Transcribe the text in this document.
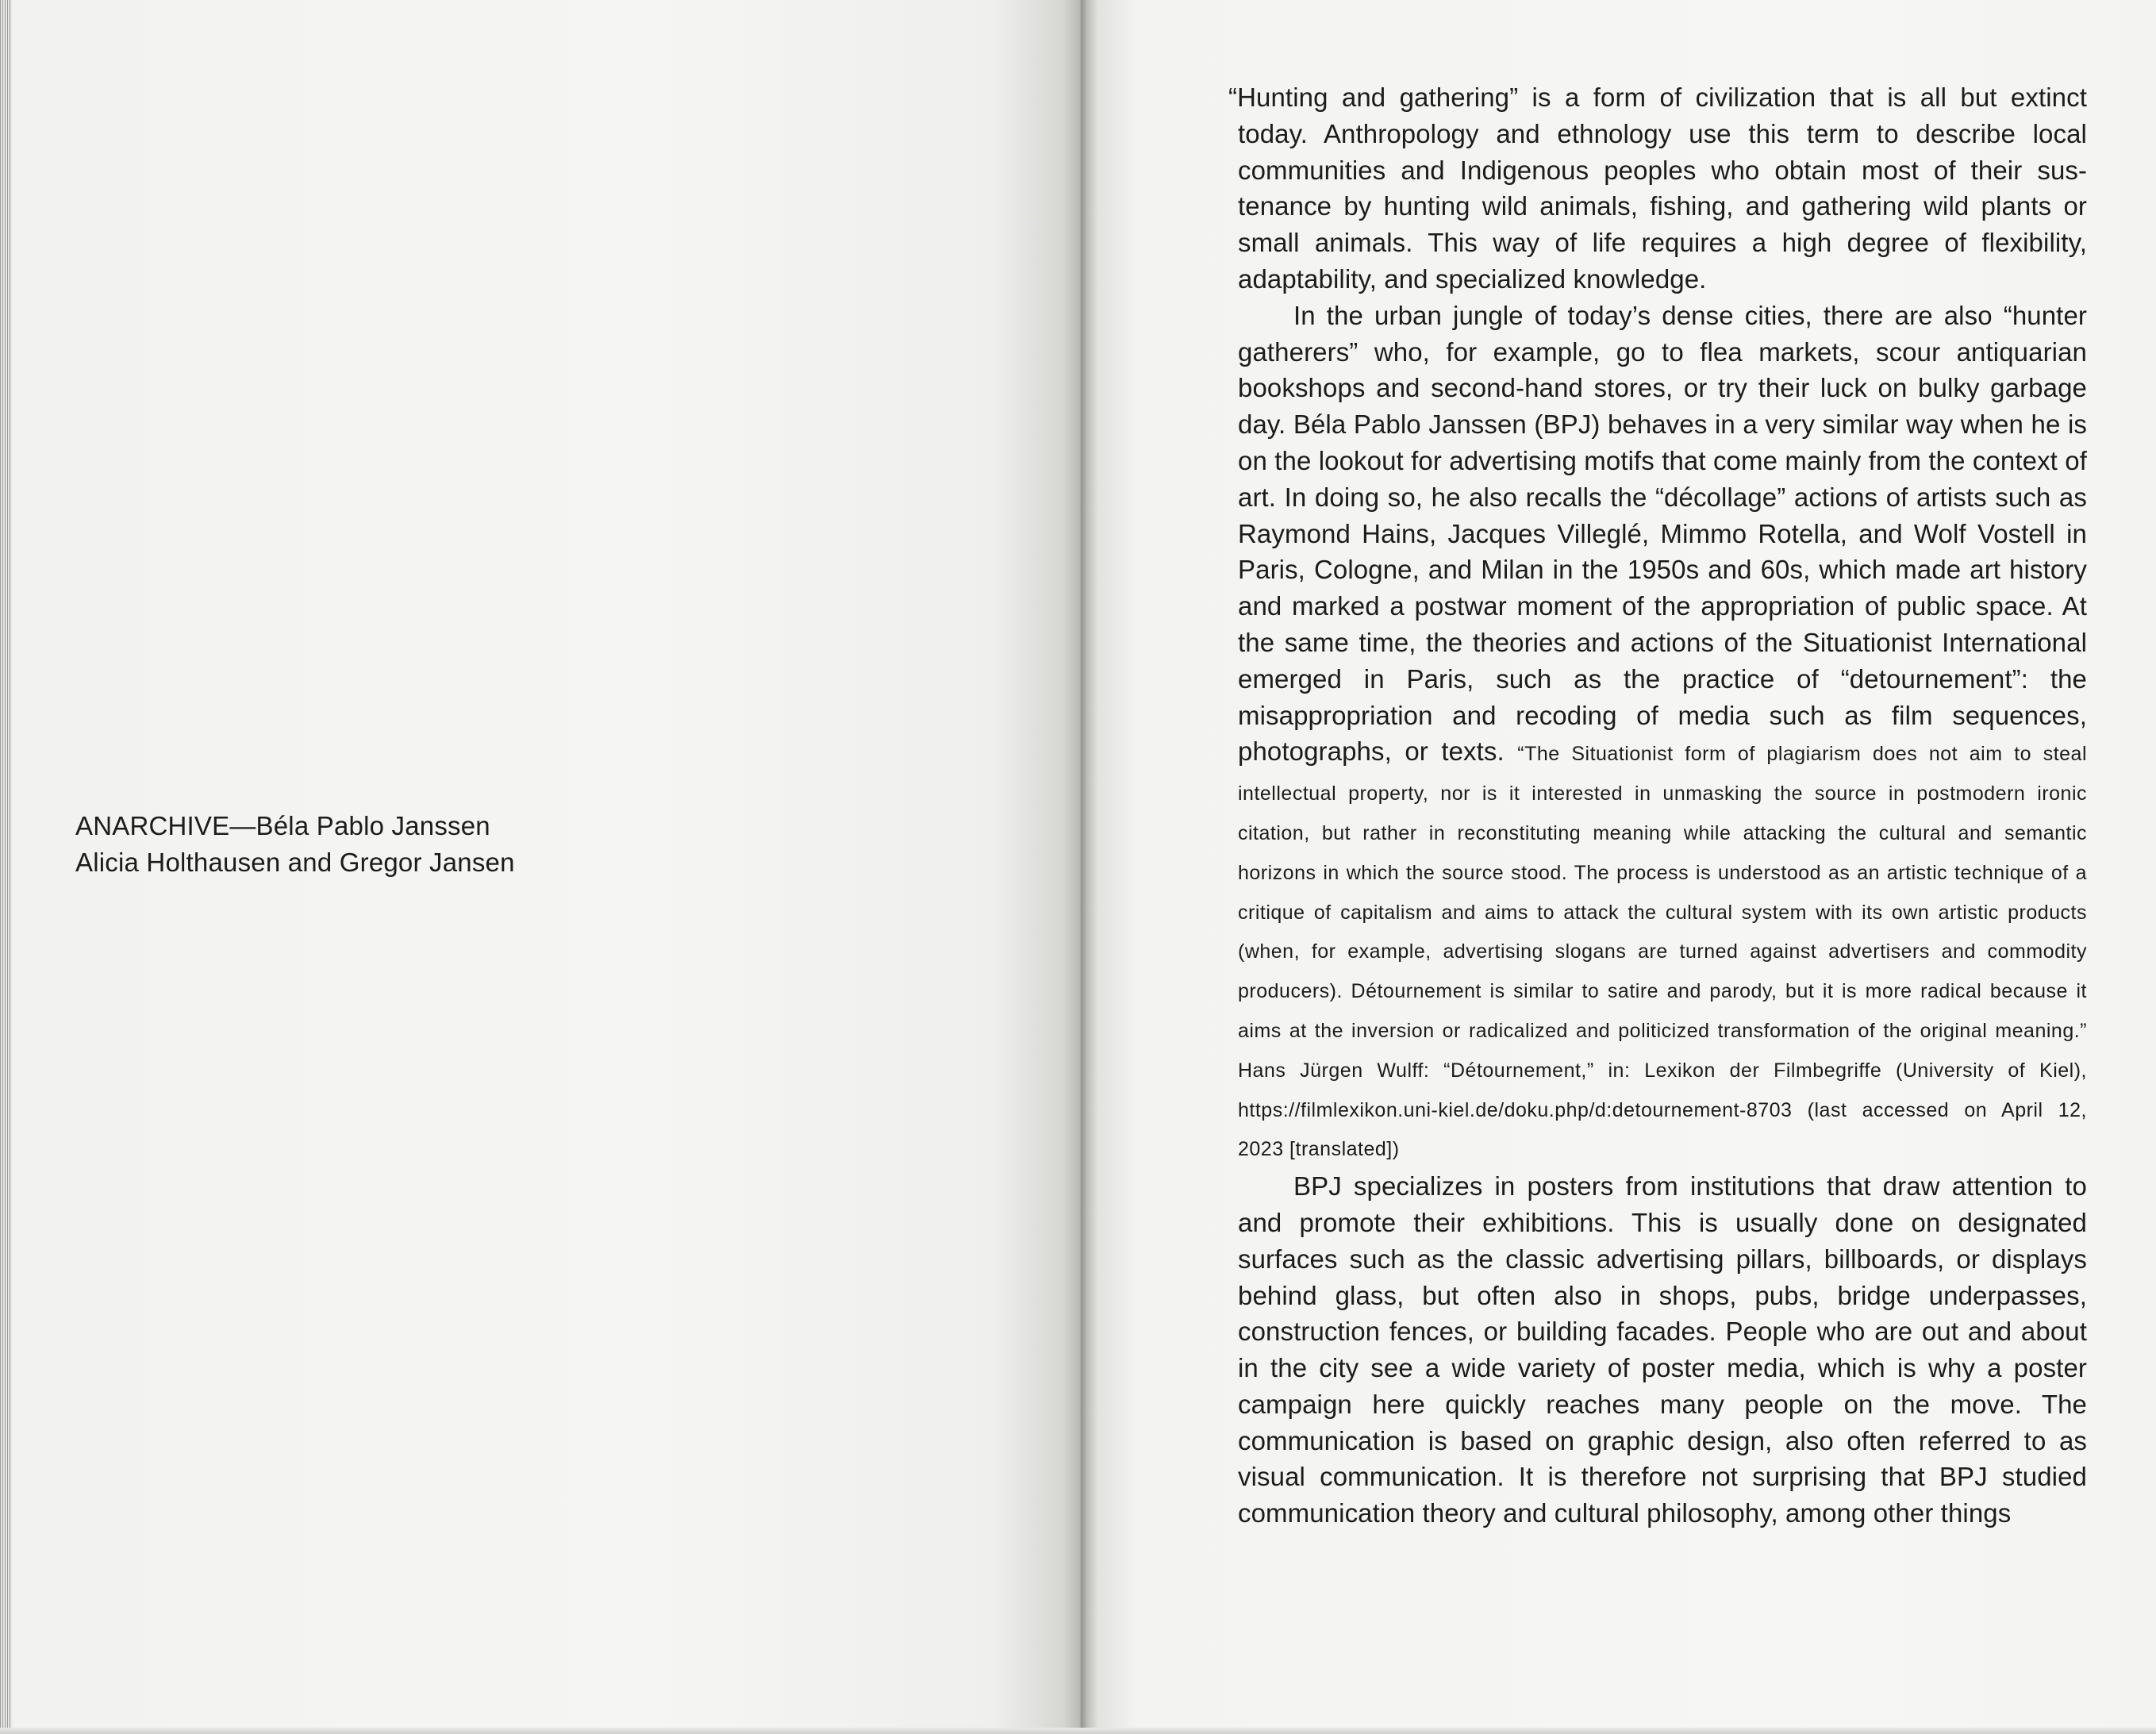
ANARCHIVE—Béla Pablo Janssen
Alicia Holthausen and Gregor Jansen

“Hunting and gathering” is a form of civilization that is all but extinct today. Anthropology and ethnology use this term to describe local communities and Indigenous peoples who obtain most of their sustenance by hunting wild animals, fishing, and gathering wild plants or small animals. This way of life requires a high degree of flexibility, adaptability, and specialized knowledge.

In the urban jungle of today’s dense cities, there are also “hunter gatherers” who, for example, go to flea markets, scour antiquarian bookshops and second-hand stores, or try their luck on bulky garbage day. Béla Pablo Janssen (BPJ) behaves in a very similar way when he is on the lookout for advertising motifs that come mainly from the context of art. In doing so, he also recalls the “décollage” actions of artists such as Raymond Hains, Jacques Villeglé, Mimmo Rotella, and Wolf Vostell in Paris, Cologne, and Milan in the 1950s and 60s, which made art history and marked a postwar moment of the appropriation of public space. At the same time, the theories and actions of the Situationist International emerged in Paris, such as the practice of “detournement”: the misappropriation and recoding of media such as film sequences, photographs, or texts. “The Situationist form of plagiarism does not aim to steal intellectual property, nor is it interested in unmasking the source in postmodern ironic citation, but rather in reconstituting meaning while attacking the cultural and semantic horizons in which the source stood. The process is understood as an artistic technique of a critique of capitalism and aims to attack the cultural system with its own artistic products (when, for example, advertising slogans are turned against advertisers and commodity producers). Détournement is similar to satire and parody, but it is more radical because it aims at the inversion or radicalized and politicized transformation of the original meaning.” Hans Jürgen Wulff: “Détournement,” in: Lexikon der Filmbegriffe (University of Kiel), https://filmlexikon.uni-kiel.de/doku.php/d:detournement-8703 (last accessed on April 12, 2023 [translated])

BPJ specializes in posters from institutions that draw attention to and promote their exhibitions. This is usually done on designated surfaces such as the classic advertising pillars, billboards, or displays behind glass, but often also in shops, pubs, bridge underpasses, construction fences, or building facades. People who are out and about in the city see a wide variety of poster media, which is why a poster campaign here quickly reaches many people on the move. The communication is based on graphic design, also often referred to as visual communication. It is therefore not surprising that BPJ studied communication theory and cultural philosophy, among other things
